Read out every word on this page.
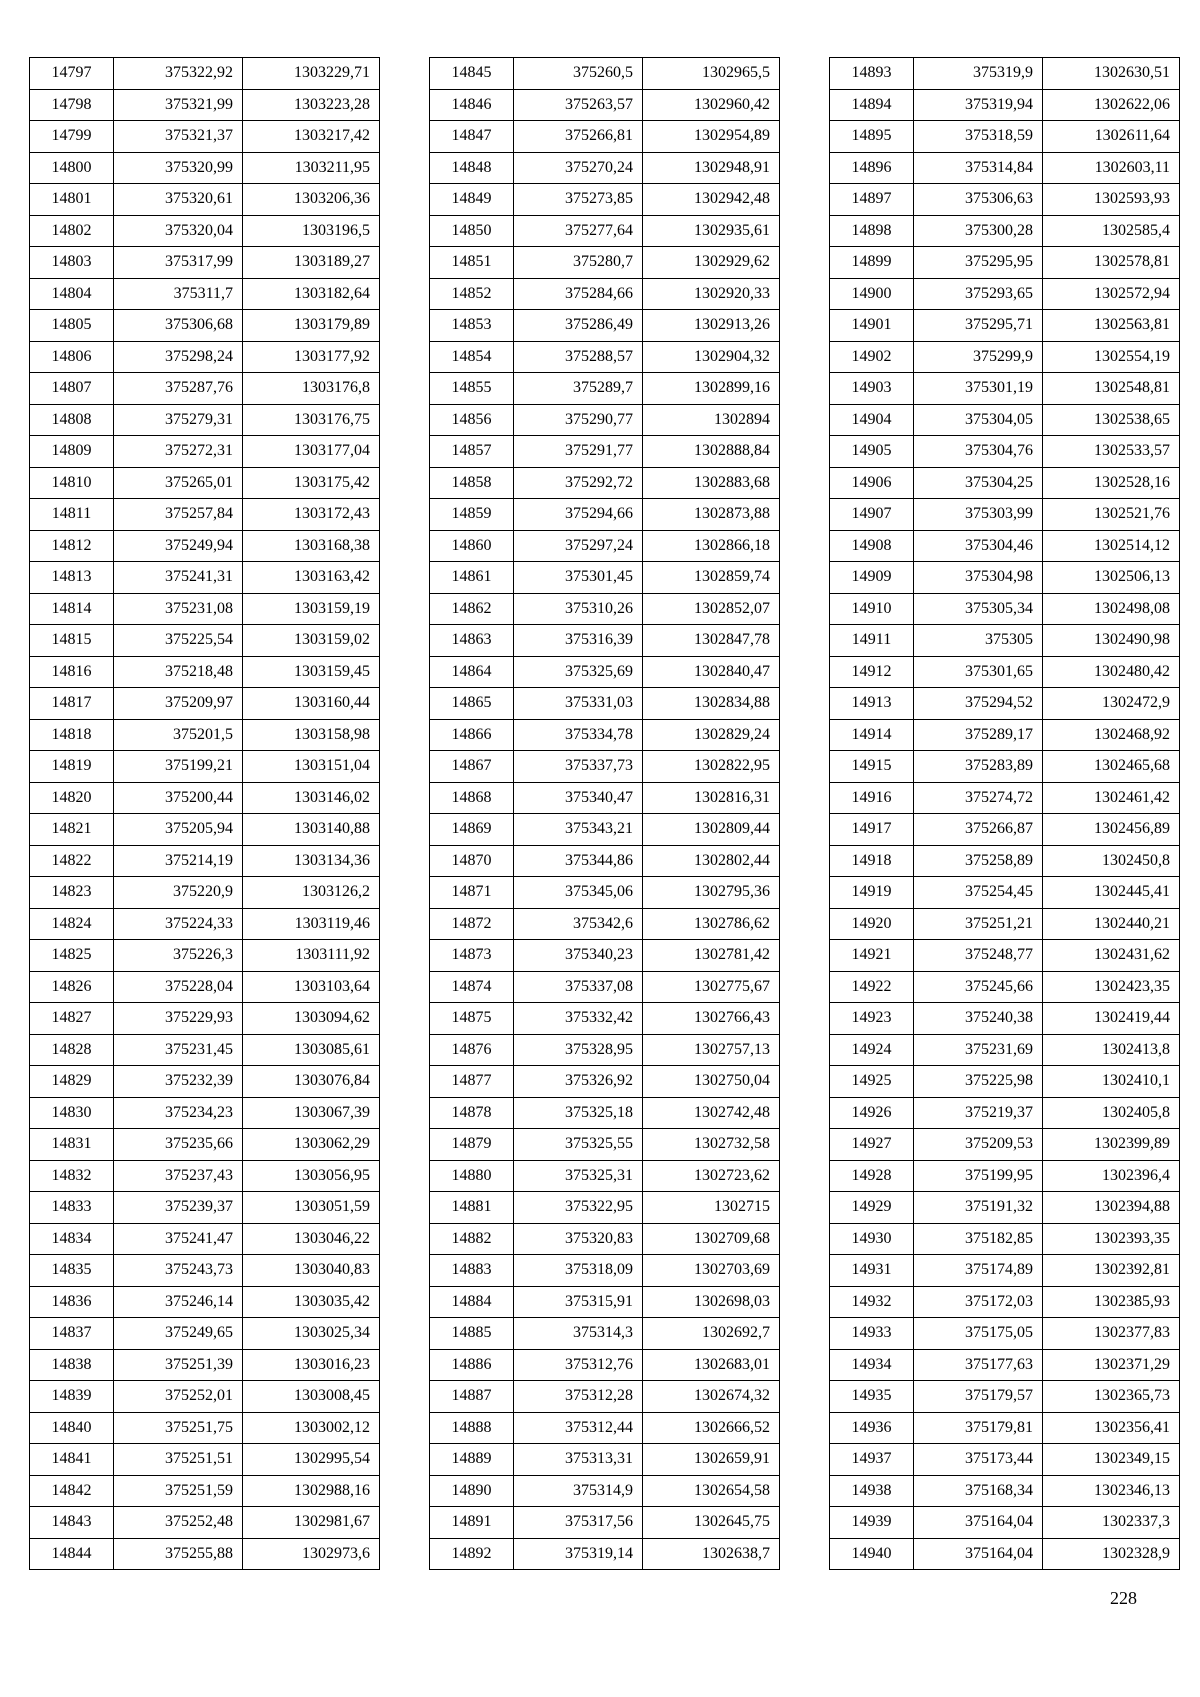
14797	375322,92	1303229,71
14798	375321,99	1303223,28
14799	375321,37	1303217,42
14800	375320,99	1303211,95
14801	375320,61	1303206,36
14802	375320,04	1303196,5
14803	375317,99	1303189,27
14804	375311,7	1303182,64
14805	375306,68	1303179,89
14806	375298,24	1303177,92
14807	375287,76	1303176,8
14808	375279,31	1303176,75
14809	375272,31	1303177,04
14810	375265,01	1303175,42
14811	375257,84	1303172,43
14812	375249,94	1303168,38
14813	375241,31	1303163,42
14814	375231,08	1303159,19
14815	375225,54	1303159,02
14816	375218,48	1303159,45
14817	375209,97	1303160,44
14818	375201,5	1303158,98
14819	375199,21	1303151,04
14820	375200,44	1303146,02
14821	375205,94	1303140,88
14822	375214,19	1303134,36
14823	375220,9	1303126,2
14824	375224,33	1303119,46
14825	375226,3	1303111,92
14826	375228,04	1303103,64
14827	375229,93	1303094,62
14828	375231,45	1303085,61
14829	375232,39	1303076,84
14830	375234,23	1303067,39
14831	375235,66	1303062,29
14832	375237,43	1303056,95
14833	375239,37	1303051,59
14834	375241,47	1303046,22
14835	375243,73	1303040,83
14836	375246,14	1303035,42
14837	375249,65	1303025,34
14838	375251,39	1303016,23
14839	375252,01	1303008,45
14840	375251,75	1303002,12
14841	375251,51	1302995,54
14842	375251,59	1302988,16
14843	375252,48	1302981,67
14844	375255,88	1302973,6
14845	375260,5	1302965,5
14846	375263,57	1302960,42
14847	375266,81	1302954,89
14848	375270,24	1302948,91
14849	375273,85	1302942,48
14850	375277,64	1302935,61
14851	375280,7	1302929,62
14852	375284,66	1302920,33
14853	375286,49	1302913,26
14854	375288,57	1302904,32
14855	375289,7	1302899,16
14856	375290,77	1302894
14857	375291,77	1302888,84
14858	375292,72	1302883,68
14859	375294,66	1302873,88
14860	375297,24	1302866,18
14861	375301,45	1302859,74
14862	375310,26	1302852,07
14863	375316,39	1302847,78
14864	375325,69	1302840,47
14865	375331,03	1302834,88
14866	375334,78	1302829,24
14867	375337,73	1302822,95
14868	375340,47	1302816,31
14869	375343,21	1302809,44
14870	375344,86	1302802,44
14871	375345,06	1302795,36
14872	375342,6	1302786,62
14873	375340,23	1302781,42
14874	375337,08	1302775,67
14875	375332,42	1302766,43
14876	375328,95	1302757,13
14877	375326,92	1302750,04
14878	375325,18	1302742,48
14879	375325,55	1302732,58
14880	375325,31	1302723,62
14881	375322,95	1302715
14882	375320,83	1302709,68
14883	375318,09	1302703,69
14884	375315,91	1302698,03
14885	375314,3	1302692,7
14886	375312,76	1302683,01
14887	375312,28	1302674,32
14888	375312,44	1302666,52
14889	375313,31	1302659,91
14890	375314,9	1302654,58
14891	375317,56	1302645,75
14892	375319,14	1302638,7
14893	375319,9	1302630,51
14894	375319,94	1302622,06
14895	375318,59	1302611,64
14896	375314,84	1302603,11
14897	375306,63	1302593,93
14898	375300,28	1302585,4
14899	375295,95	1302578,81
14900	375293,65	1302572,94
14901	375295,71	1302563,81
14902	375299,9	1302554,19
14903	375301,19	1302548,81
14904	375304,05	1302538,65
14905	375304,76	1302533,57
14906	375304,25	1302528,16
14907	375303,99	1302521,76
14908	375304,46	1302514,12
14909	375304,98	1302506,13
14910	375305,34	1302498,08
14911	375305	1302490,98
14912	375301,65	1302480,42
14913	375294,52	1302472,9
14914	375289,17	1302468,92
14915	375283,89	1302465,68
14916	375274,72	1302461,42
14917	375266,87	1302456,89
14918	375258,89	1302450,8
14919	375254,45	1302445,41
14920	375251,21	1302440,21
14921	375248,77	1302431,62
14922	375245,66	1302423,35
14923	375240,38	1302419,44
14924	375231,69	1302413,8
14925	375225,98	1302410,1
14926	375219,37	1302405,8
14927	375209,53	1302399,89
14928	375199,95	1302396,4
14929	375191,32	1302394,88
14930	375182,85	1302393,35
14931	375174,89	1302392,81
14932	375172,03	1302385,93
14933	375175,05	1302377,83
14934	375177,63	1302371,29
14935	375179,57	1302365,73
14936	375179,81	1302356,41
14937	375173,44	1302349,15
14938	375168,34	1302346,13
14939	375164,04	1302337,3
14940	375164,04	1302328,9
228
